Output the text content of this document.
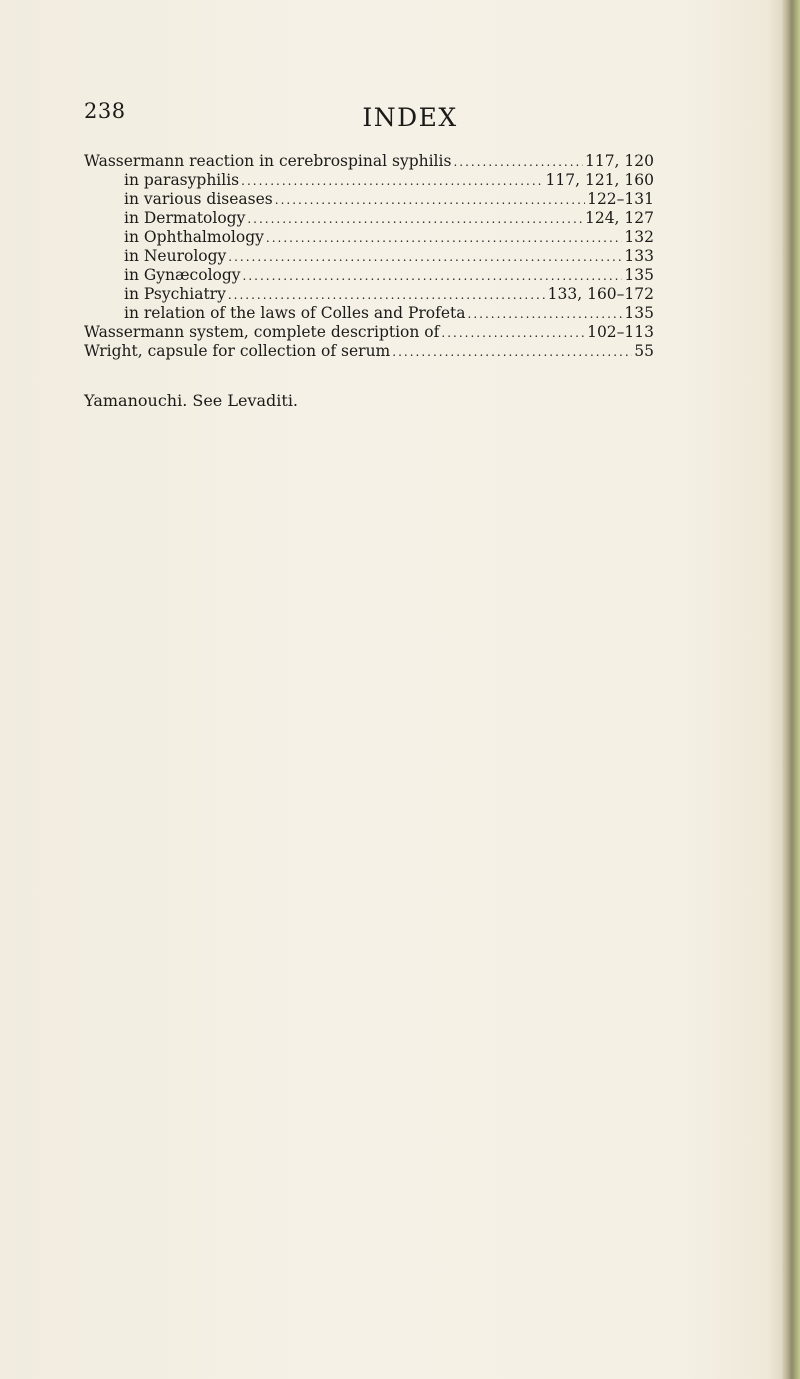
238	INDEX
Wassermann reaction in cerebrospinal syphilis .....	117, 120
in parasyphilis .....	117, 121, 160
in various diseases .....	122–131
in Dermatology .....	124, 127
in Ophthalmology .....	132
in Neurology .....	133
in Gynæcology .....	135
in Psychiatry .....	133, 160–172
in relation of the laws of Colles and Profeta .....	135
Wassermann system, complete description of .....	102–113
Wright, capsule for collection of serum .....	55
Yamanouchi. See Levaditi.
